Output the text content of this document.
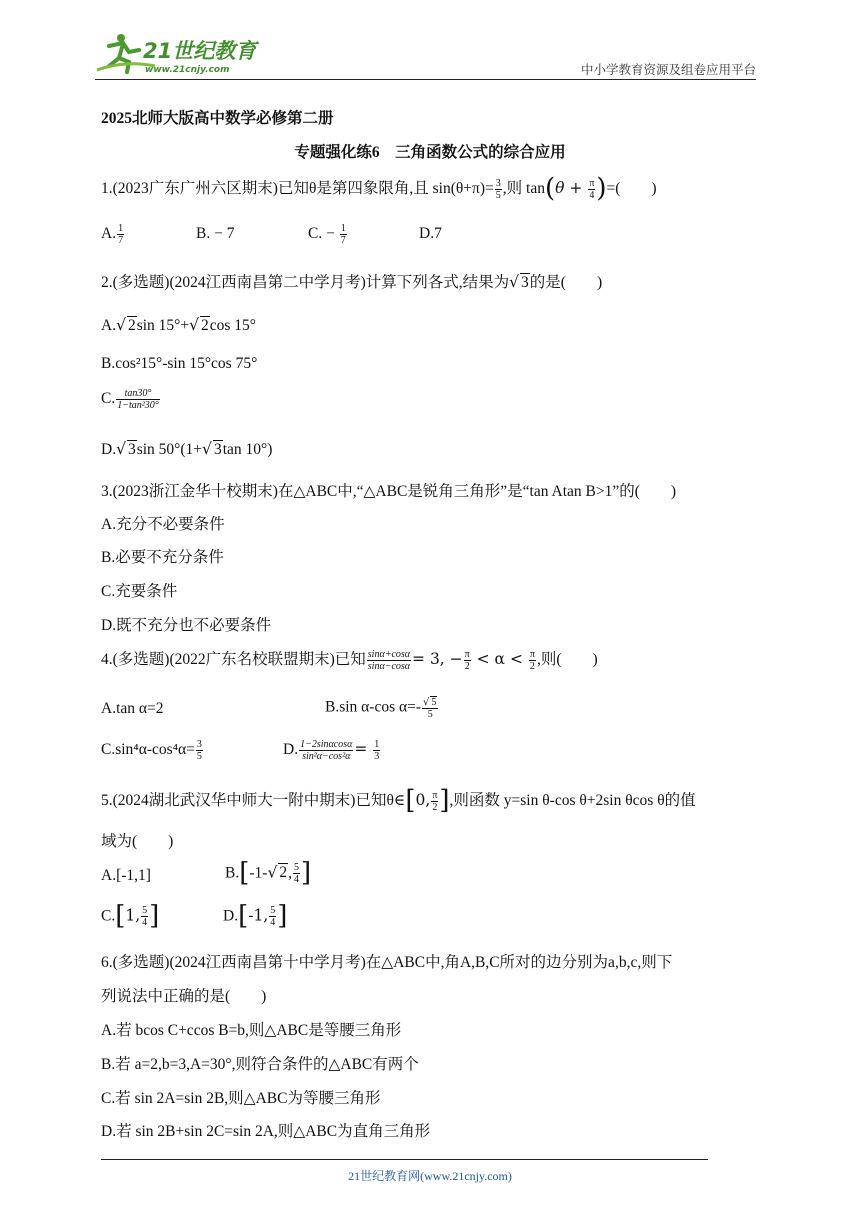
21世纪教育
www.21cnjy.com	中小学教育资源及组卷应用平台
2025北师大版高中数学必修第二册
专题强化练6　三角函数公式的综合应用
1.(2023广东广州六区期末)已知θ是第四象限角,且 $\sin(\theta+\pi)= \frac{3}{5}$ ,则 $\tan(\theta + \frac{\pi}{4}$ )=(　　)
A. $\frac{1}{7}$	B. − 7	C. − $\frac{1}{7}$	D.7
2.(多选题)(2024江西南昌第二中学月考)计算下列各式,结果为√ 3的是(　　)
A.√ 2sin 15°+√ 2cos 15°
B.cos²15°-sin 15°cos 75°
C. $\frac{\tan 30^\circ}{\text{1−tan²30°}}$
D.√ 3sin 50°(1+√ 3tan 10°)
3.(2023浙江金华十校期末)在△ABC中,“△ABC是锐角三角形”是“tan Atan B>1”的(　　)
A.充分不必要条件
B.必要不充分条件
C.充要条件
D.既不充分也不必要条件
4.(多选题)(2022广东名校联盟期末)已知 $\frac{\sin\alpha+\cos\alpha}{\sin\alpha-\cos\alpha} = 3$, − $\frac{\pi}{2} < \alpha < \frac{\pi}{2}$ ,则(　　)
A.tan α=2	B.sin α-cos $\alpha=- \frac{√ 5}{5}$
$C.\sin^4\alpha-\cos^4\alpha= \frac{3}{5}$	D. $\frac{1-2\sin\alpha\cos\alpha}{\text{sin²α−cos²α}} = \frac{1}{3}$
5.(2024湖北武汉华中师大一附中期末)已知θ∈[0, $\frac{\pi}{2}$ ],则函数 y=sin θ-cos θ+2sin θcos θ的值
域为(　　)
A.[-1,1]	B.[-1-√ 2, $\frac{5}{4}$ ]
C.[1, $\frac{5}{4}$ ]	D.[-1, $\frac{5}{4}$ ]
6.(多选题)(2024江西南昌第十中学月考)在△ABC中,角A,B,C所对的边分别为a,b,c,则下
列说法中正确的是(　　)
A.若 bcos C+ccos B=b,则△ABC是等腰三角形
B.若 a=2,b=3,A=30°,则符合条件的△ABC有两个
C.若 sin 2A=sin 2B,则△ABC为等腰三角形
D.若 sin 2B+sin 2C=sin 2A,则△ABC为直角三角形
21世纪教育网(www.21cnjy.com)
